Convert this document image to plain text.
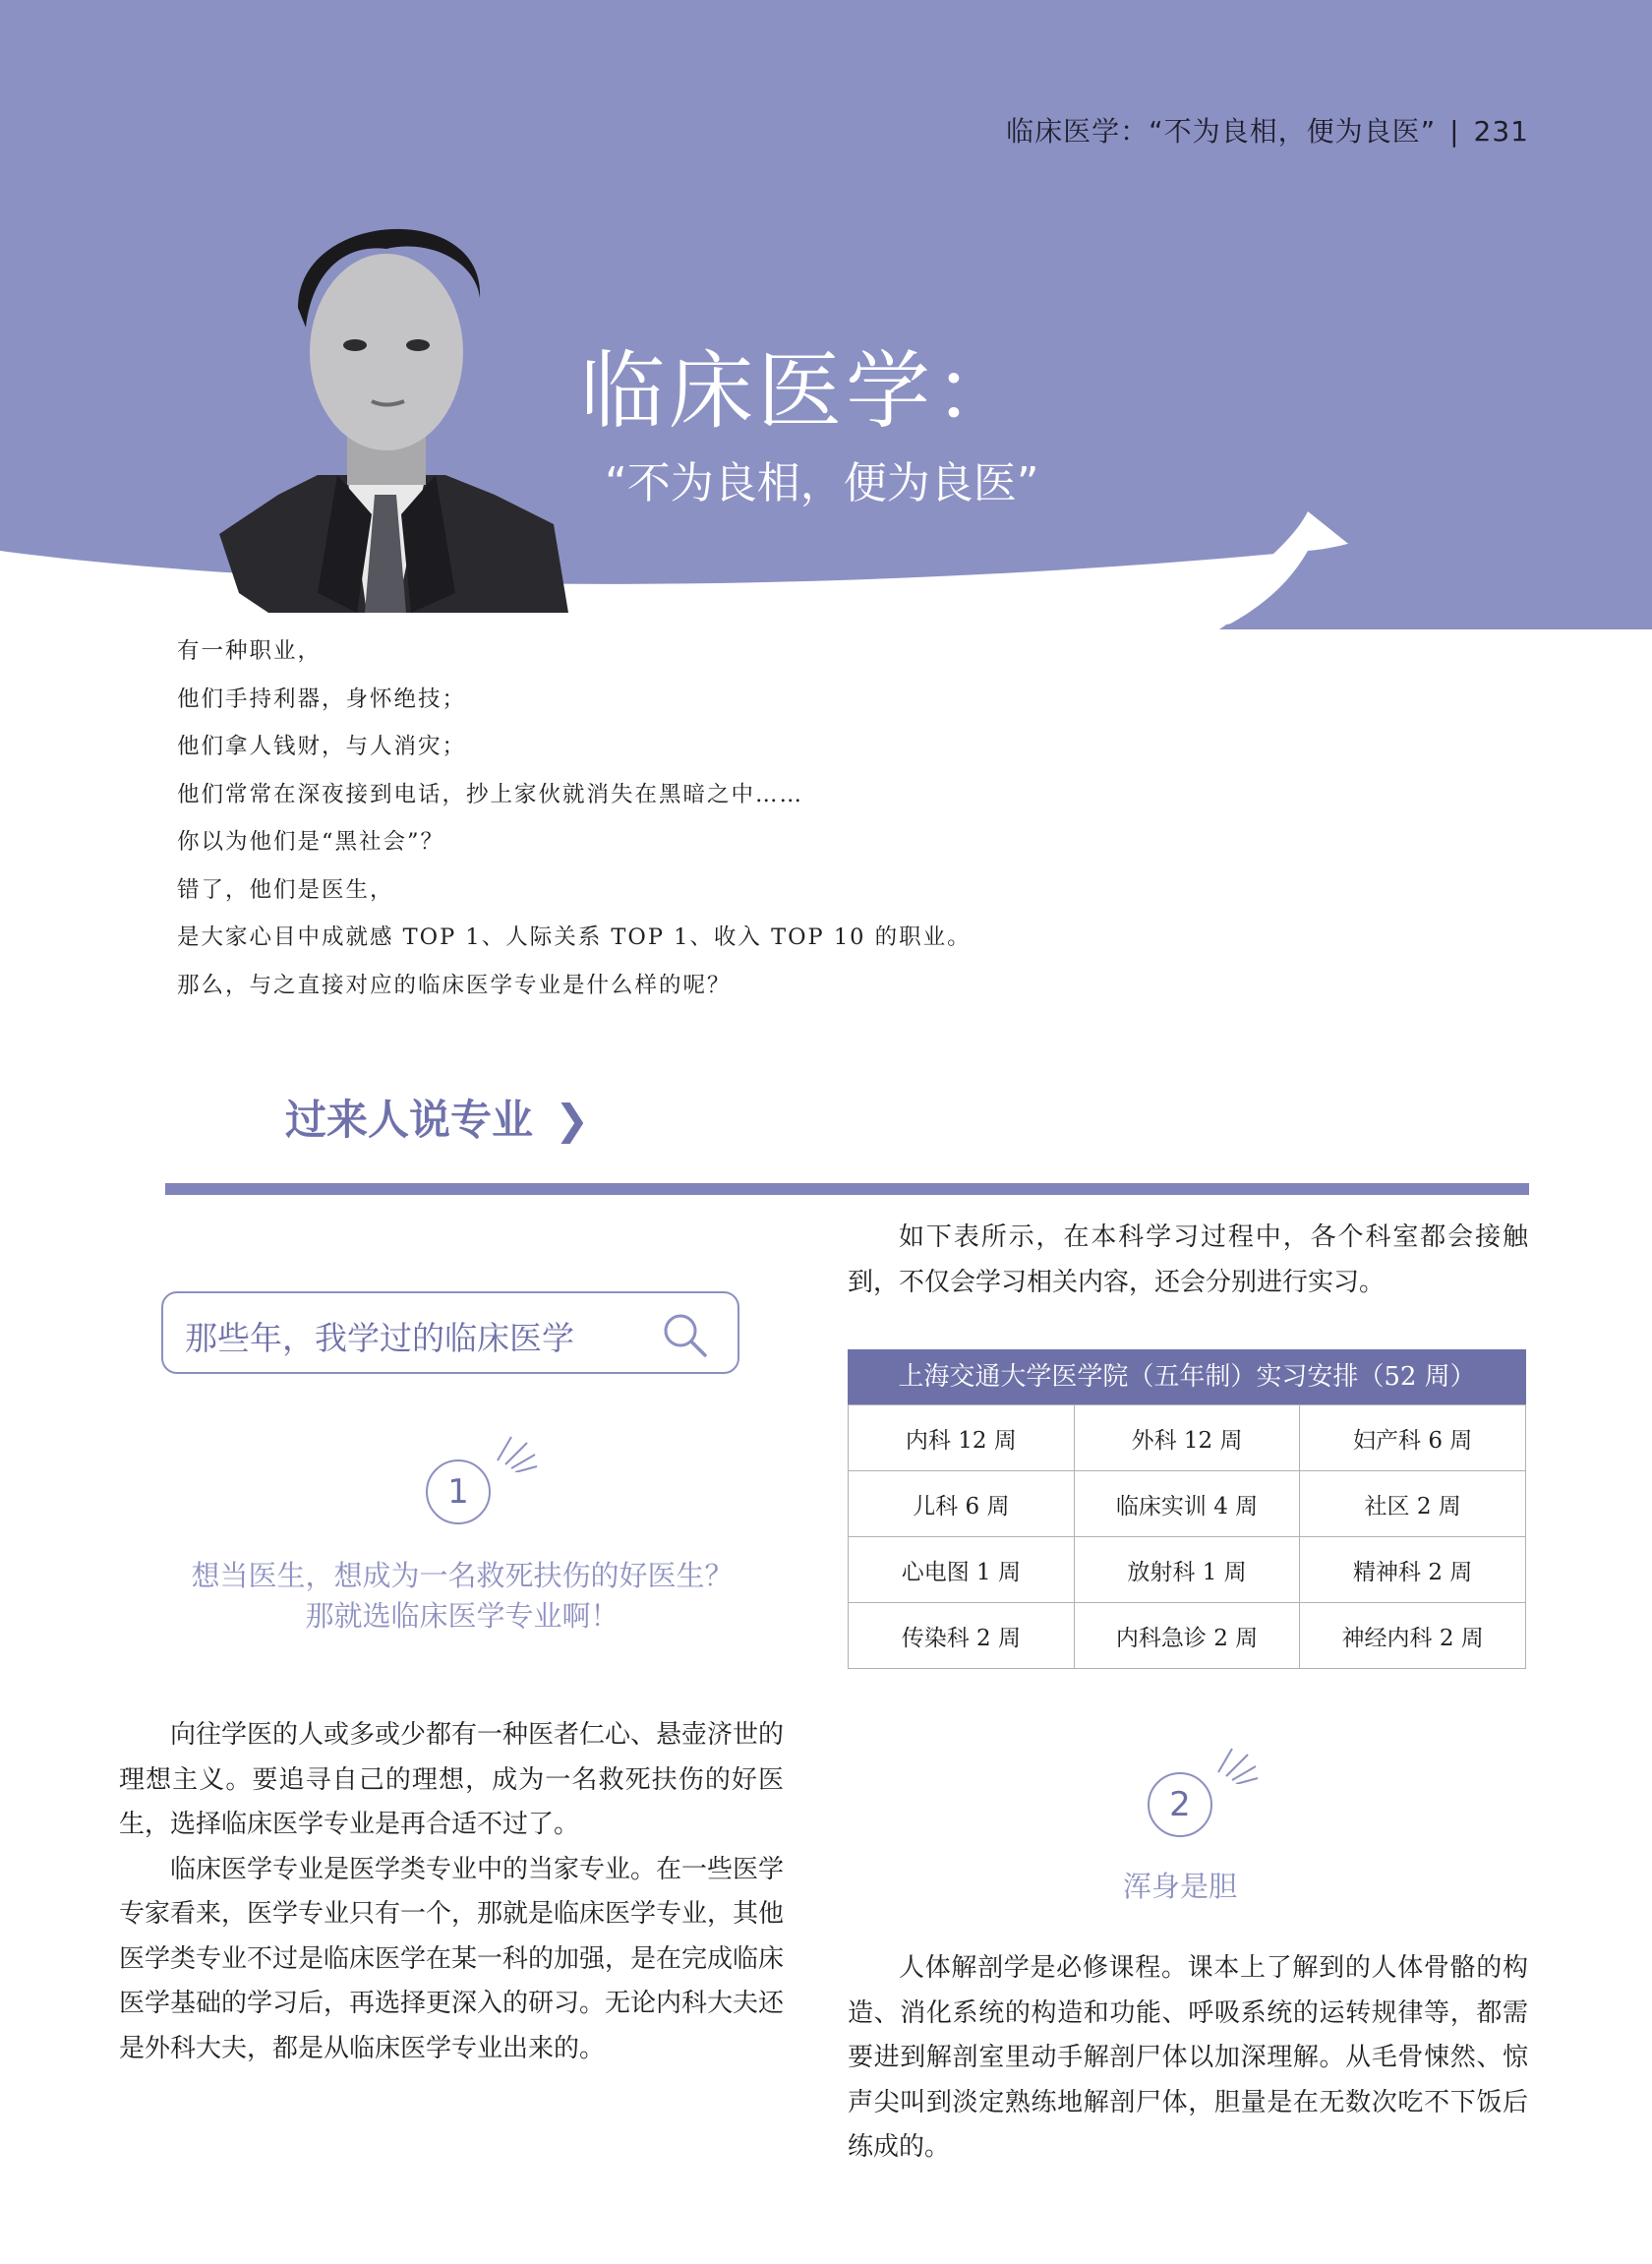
临床医学：“不为良相，便为良医” | 231
临床医学：
“不为良相，便为良医”

有一种职业，

他们手持利器，身怀绝技；

他们拿人钱财，与人消灾；

他们常常在深夜接到电话，抄上家伙就消失在黑暗之中……

你以为他们是“黑社会”？

错了，他们是医生，

是大家心目中成就感 TOP 1、人际关系 TOP 1、收入 TOP 10 的职业。

那么，与之直接对应的临床医学专业是什么样的呢？

过来人说专业 ❯
那些年，我学过的临床医学
1
想当医生，想成为一名救死扶伤的好医生？
那就选临床医学专业啊！

向往学医的人或多或少都有一种医者仁心、悬壶济世的理想主义。要追寻自己的理想，成为一名救死扶伤的好医生，选择临床医学专业是再合适不过了。

临床医学专业是医学类专业中的当家专业。在一些医学专家看来，医学专业只有一个，那就是临床医学专业，其他医学类专业不过是临床医学在某一科的加强，是在完成临床医学基础的学习后，再选择更深入的研习。无论内科大夫还是外科大夫，都是从临床医学专业出来的。

如下表所示，在本科学习过程中，各个科室都会接触到，不仅会学习相关内容，还会分别进行实习。

上海交通大学医学院（五年制）实习安排（52 周）
内科 12 周	外科 12 周	妇产科 6 周
儿科 6 周	临床实训 4 周	社区 2 周
心电图 1 周	放射科 1 周	精神科 2 周
传染科 2 周	内科急诊 2 周	神经内科 2 周
2
浑身是胆

人体解剖学是必修课程。课本上了解到的人体骨骼的构造、消化系统的构造和功能、呼吸系统的运转规律等，都需要进到解剖室里动手解剖尸体以加深理解。从毛骨悚然、惊声尖叫到淡定熟练地解剖尸体，胆量是在无数次吃不下饭后练成的。
